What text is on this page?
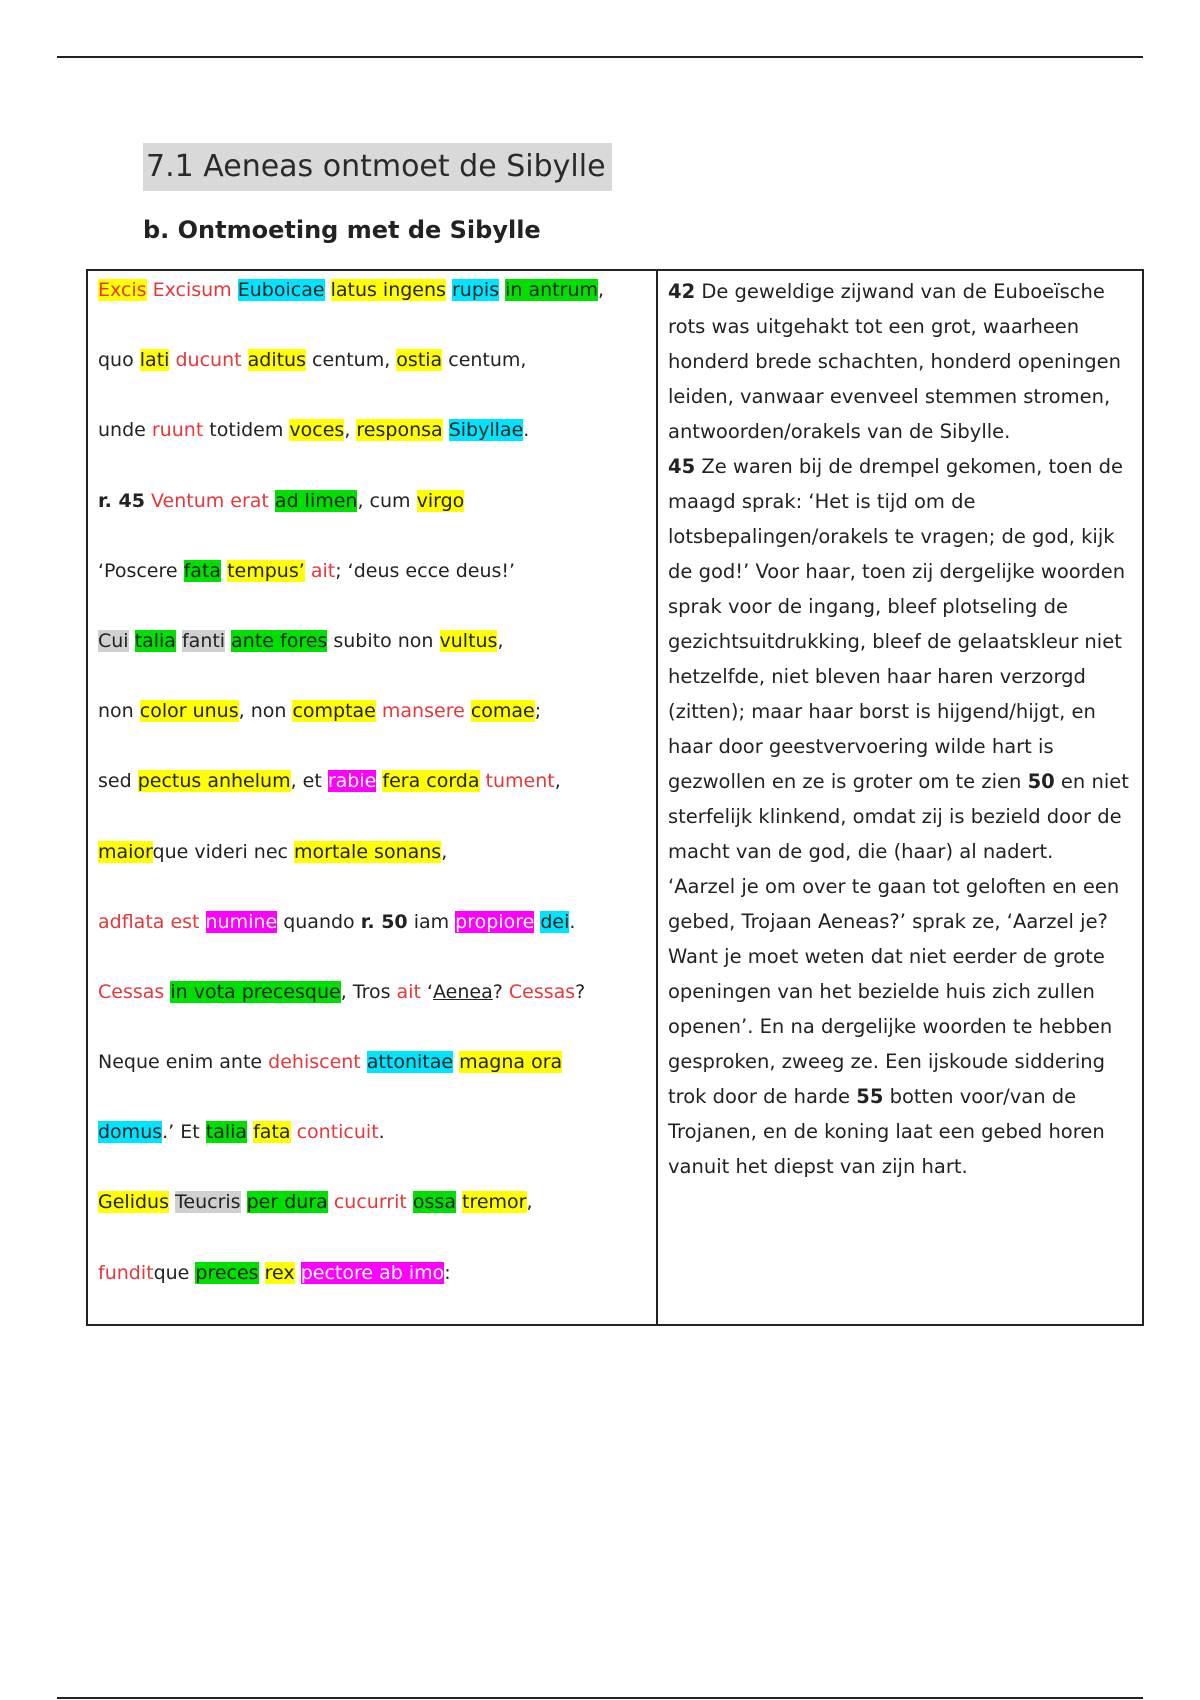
7.1 Aeneas ontmoet de Sibylle
b. Ontmoeting met de Sibylle
Excis Excisum Euboicae latus ingens rupis in antrum,
quo lati ducunt aditus centum, ostia centum,
unde ruunt totidem voces, responsa Sibyllae.
r. 45 Ventum erat ad limen, cum virgo
‘Poscere fata tempus’ ait; ‘deus ecce deus!’
Cui talia fanti ante fores subito non vultus,
non color unus, non comptae mansere comae;
sed pectus anhelum, et rabie fera corda tument,
maiorque videri nec mortale sonans,
adflata est numine quando r. 50 iam propiore dei.
Cessas in vota precesque, Tros ait ‘Aenea? Cessas?
Neque enim ante dehiscent attonitae magna ora
domus.’ Et talia fata conticuit.
Gelidus Teucris per dura cucurrit ossa tremor,
funditque preces rex pectore ab imo:

42 De geweldige zijwand van de Euboeïsche rots was uitgehakt tot een grot, waarheen honderd brede schachten, honderd openingen leiden, vanwaar evenveel stemmen stromen, antwoorden/orakels van de Sibylle.

45 Ze waren bij de drempel gekomen, toen de maagd sprak: ‘Het is tijd om de lotsbepalingen/orakels te vragen; de god, kijk de god!’ Voor haar, toen zij dergelijke woorden sprak voor de ingang, bleef plotseling de gezichtsuitdrukking, bleef de gelaatskleur niet hetzelfde, niet bleven haar haren verzorgd (zitten); maar haar borst is hijgend/hijgt, en haar door geestvervoering wilde hart is gezwollen en ze is groter om te zien 50 en niet sterfelijk klinkend, omdat zij is bezield door de macht van de god, die (haar) al nadert.

‘Aarzel je om over te gaan tot geloften en een gebed, Trojaan Aeneas?’ sprak ze, ‘Aarzel je? Want je moet weten dat niet eerder de grote openingen van het bezielde huis zich zullen openen’. En na dergelijke woorden te hebben gesproken, zweeg ze. Een ijskoude siddering trok door de harde 55 botten voor/van de Trojanen, en de koning laat een gebed horen vanuit het diepst van zijn hart.
